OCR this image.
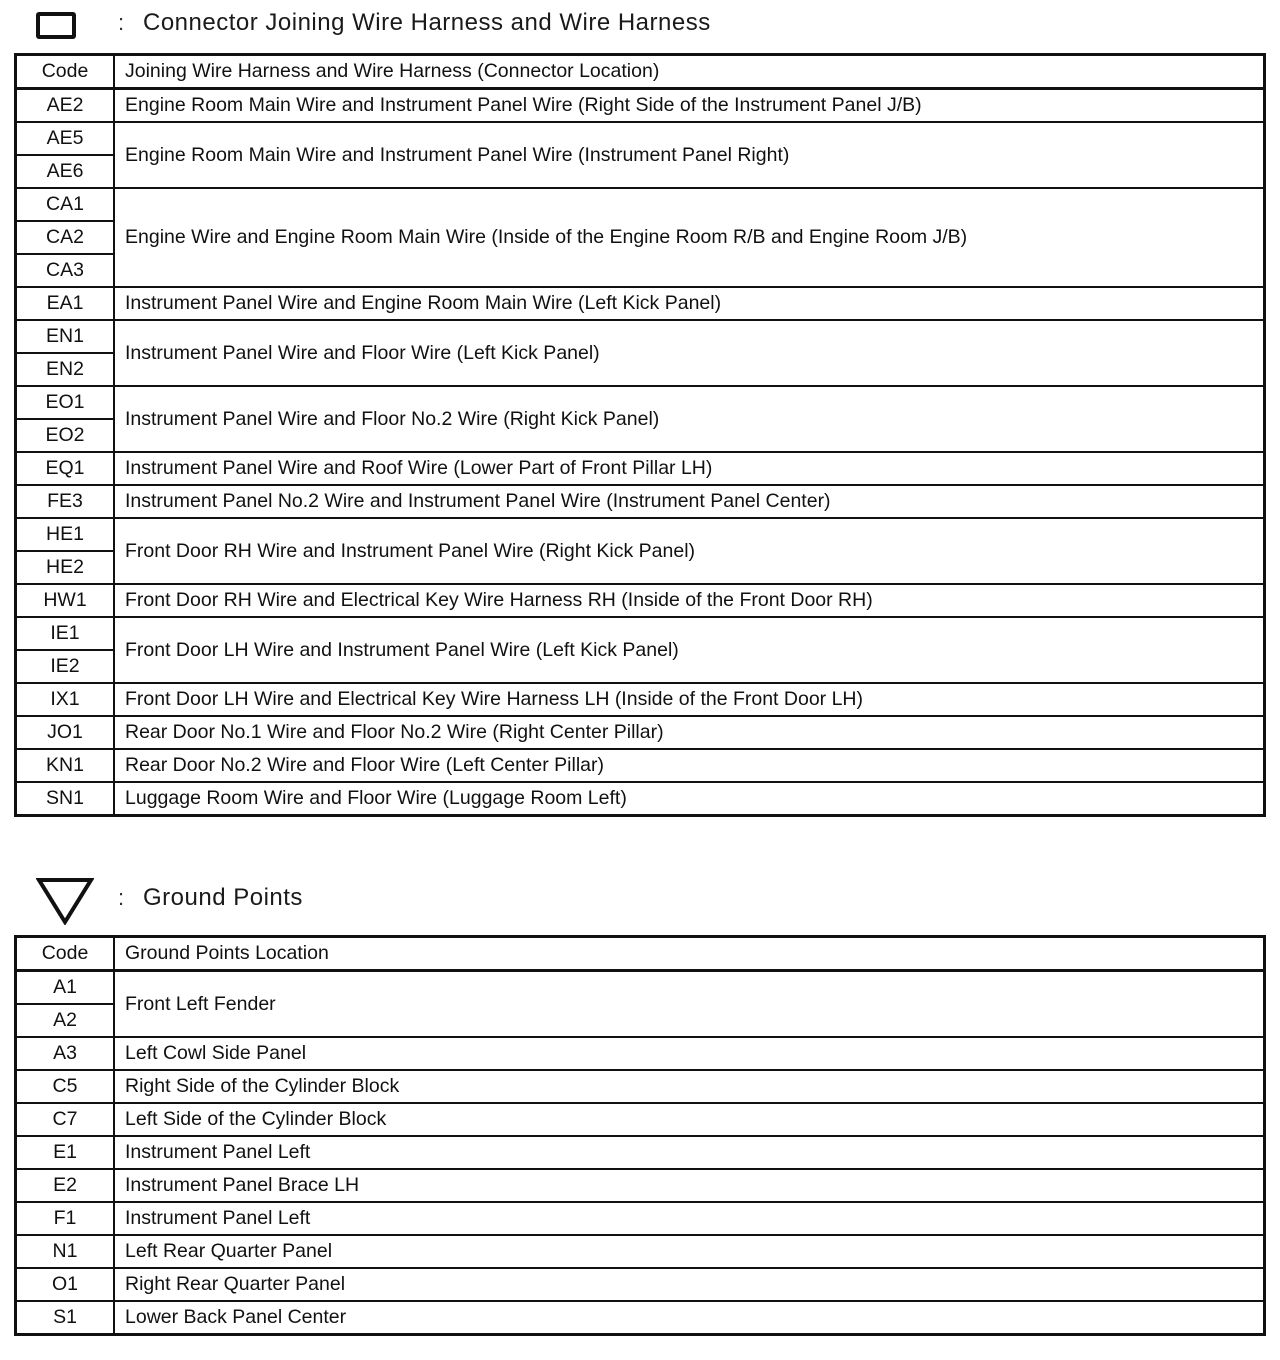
: Connector Joining Wire Harness and Wire Harness
Code	Joining Wire Harness and Wire Harness (Connector Location)
AE2	Engine Room Main Wire and Instrument Panel Wire (Right Side of the Instrument Panel J/B)
AE5	Engine Room Main Wire and Instrument Panel Wire (Instrument Panel Right)
AE6	
CA1	Engine Wire and Engine Room Main Wire (Inside of the Engine Room R/B and Engine Room J/B)
CA2	
CA3	
EA1	Instrument Panel Wire and Engine Room Main Wire (Left Kick Panel)
EN1	Instrument Panel Wire and Floor Wire (Left Kick Panel)
EN2	
EO1	Instrument Panel Wire and Floor No.2 Wire (Right Kick Panel)
EO2	
EQ1	Instrument Panel Wire and Roof Wire (Lower Part of Front Pillar LH)
FE3	Instrument Panel No.2 Wire and Instrument Panel Wire (Instrument Panel Center)
HE1	Front Door RH Wire and Instrument Panel Wire (Right Kick Panel)
HE2	
HW1	Front Door RH Wire and Electrical Key Wire Harness RH (Inside of the Front Door RH)
IE1	Front Door LH Wire and Instrument Panel Wire (Left Kick Panel)
IE2	
IX1	Front Door LH Wire and Electrical Key Wire Harness LH (Inside of the Front Door LH)
JO1	Rear Door No.1 Wire and Floor No.2 Wire (Right Center Pillar)
KN1	Rear Door No.2 Wire and Floor Wire (Left Center Pillar)
SN1	Luggage Room Wire and Floor Wire (Luggage Room Left)
: Ground Points
Code	Ground Points Location
A1	Front Left Fender
A2	
A3	Left Cowl Side Panel
C5	Right Side of the Cylinder Block
C7	Left Side of the Cylinder Block
E1	Instrument Panel Left
E2	Instrument Panel Brace LH
F1	Instrument Panel Left
N1	Left Rear Quarter Panel
O1	Right Rear Quarter Panel
S1	Lower Back Panel Center
